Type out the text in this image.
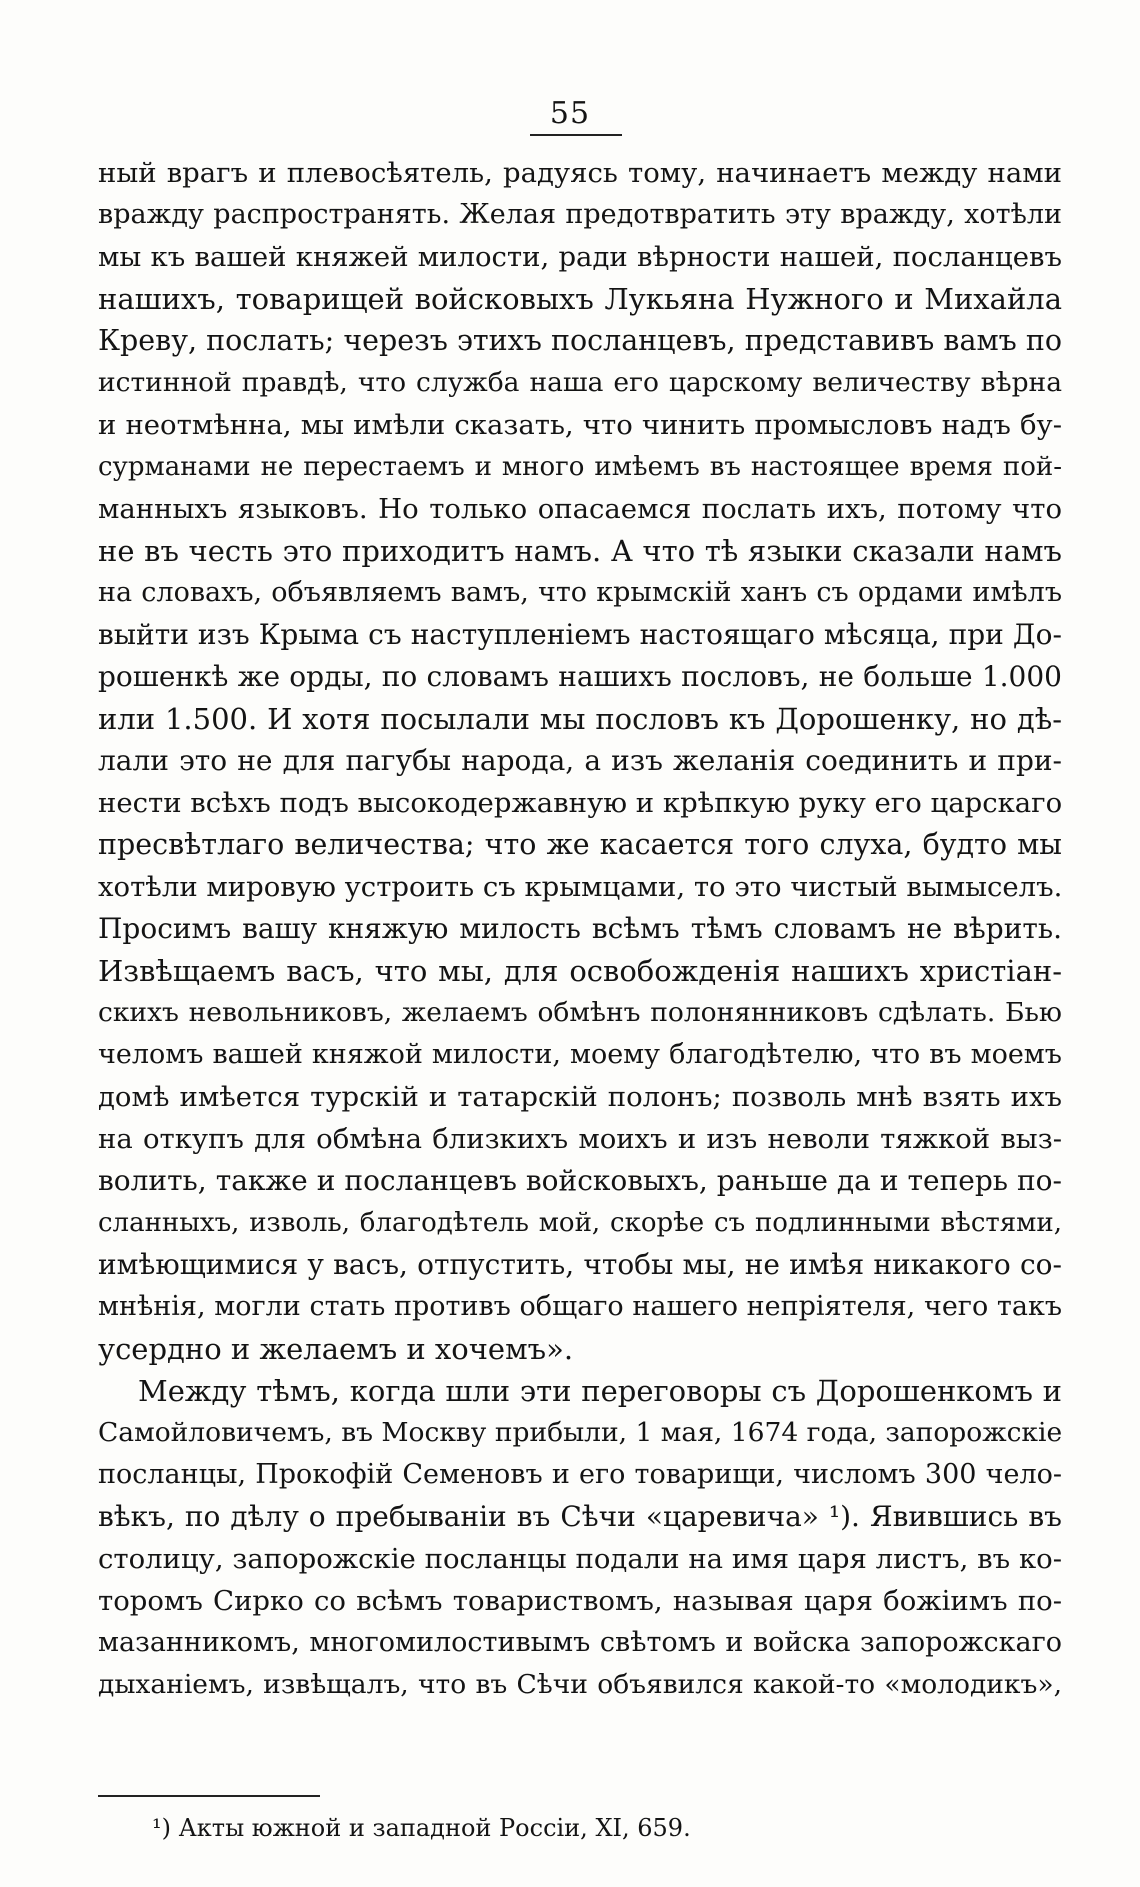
55
ный врагъ и плевосѣятель, радуясь тому, начинаетъ между нами
вражду распространять. Желая предотвратить эту вражду, хотѣли
мы къ вашей княжей милости, ради вѣрности нашей, посланцевъ
нашихъ, товарищей войсковыхъ Лукьяна Нужного и Михайла
Креву, послать; черезъ этихъ посланцевъ, представивъ вамъ по
истинной правдѣ, что служба наша его царскому величеству вѣрна
и неотмѣнна, мы имѣли сказать, что чинить промысловъ надъ бу-
сурманами не перестаемъ и много имѣемъ въ настоящее время пой-
манныхъ языковъ. Но только опасаемся послать ихъ, потому что
не въ честь это приходитъ намъ. А что тѣ языки сказали намъ
на словахъ, объявляемъ вамъ, что крымскій ханъ съ ордами имѣлъ
выйти изъ Крыма съ наступленіемъ настоящаго мѣсяца, при До-
рошенкѣ же орды, по словамъ нашихъ пословъ, не больше 1.000
или 1.500. И хотя посылали мы пословъ къ Дорошенку, но дѣ-
лали это не для пагубы народа, а изъ желанія соединить и при-
нести всѣхъ подъ высокодержавную и крѣпкую руку его царскаго
пресвѣтлаго величества; что же касается того слуха, будто мы
хотѣли мировую устроить съ крымцами, то это чистый вымыселъ.
Просимъ вашу княжую милость всѣмъ тѣмъ словамъ не вѣрить.
Извѣщаемъ васъ, что мы, для освобожденія нашихъ христіан-
скихъ невольниковъ, желаемъ обмѣнъ полонянниковъ сдѣлать. Бью
челомъ вашей княжой милости, моему благодѣтелю, что въ моемъ
домѣ имѣется турскій и татарскій полонъ; позволь мнѣ взять ихъ
на откупъ для обмѣна близкихъ моихъ и изъ неволи тяжкой выз-
волить, также и посланцевъ войсковыхъ, раньше да и теперь по-
сланныхъ, изволь, благодѣтель мой, скорѣе съ подлинными вѣстями,
имѣющимися у васъ, отпустить, чтобы мы, не имѣя никакого со-
мнѣнія, могли стать противъ общаго нашего непріятеля, чего такъ
усердно и желаемъ и хочемъ».
Между тѣмъ, когда шли эти переговоры съ Дорошенкомъ и
Самойловичемъ, въ Москву прибыли, 1 мая, 1674 года, запорожскіе
посланцы, Прокофій Семеновъ и его товарищи, числомъ 300 чело-
вѣкъ, по дѣлу о пребываніи въ Сѣчи «царевича» ¹). Явившись въ
столицу, запорожскіе посланцы подали на имя царя листъ, въ ко-
торомъ Сирко со всѣмъ товариствомъ, называя царя божіимъ по-
мазанникомъ, многомилостивымъ свѣтомъ и войска запорожскаго
дыханіемъ, извѣщалъ, что въ Сѣчи объявился какой-то «молодикъ»,
¹) Акты южной и западной Россіи, XI, 659.
